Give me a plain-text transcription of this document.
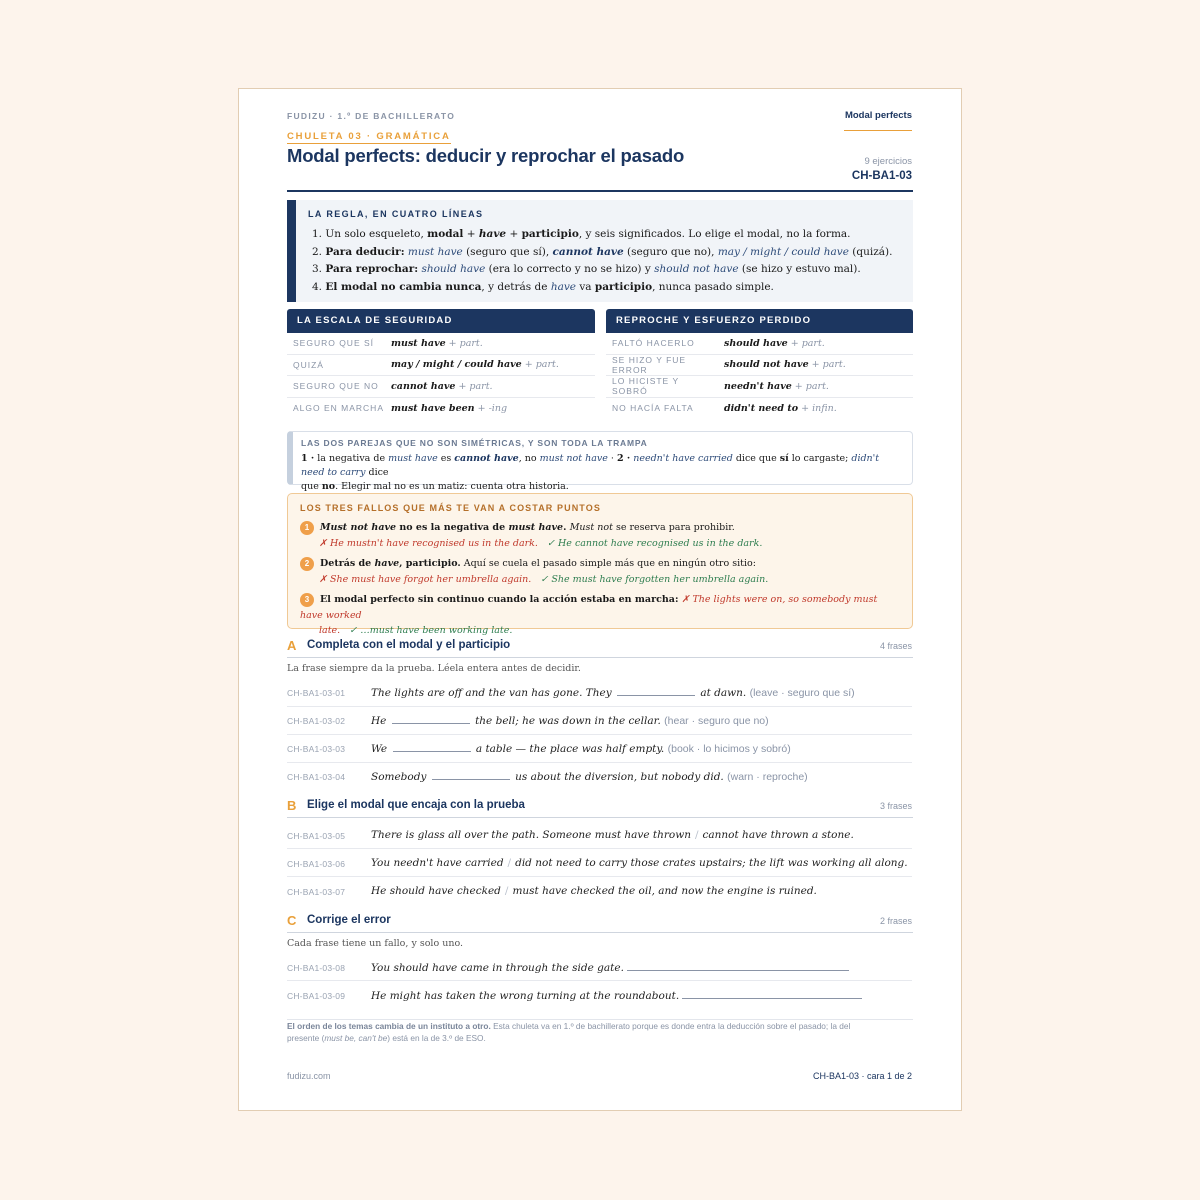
FUDIZU · 1.º DE BACHILLERATO	Modal perfects
CHULETA 03 · GRAMÁTICA
Modal perfects: deducir y reprochar el pasado	9 ejercicios
CH-BA1-03
LA REGLA, EN CUATRO LÍNEAS
1. Un solo esqueleto, modal + have + participio, y seis significados. Lo elige el modal, no la forma.
2. Para deducir: must have (seguro que sí), cannot have (seguro que no), may / might / could have (quizá).
3. Para reprochar: should have (era lo correcto y no se hizo) y should not have (se hizo y estuvo mal).
4. El modal no cambia nunca, y detrás de have va participio, nunca pasado simple.
LA ESCALA DE SEGURIDAD
SEGURO QUE SÍ	must have + part.
QUIZÁ	may / might / could have + part.
SEGURO QUE NO	cannot have + part.
ALGO EN MARCHA must have been + -ing
REPROCHE Y ESFUERZO PERDIDO
FALTÓ HACERLO	should have + part.
SE HIZO Y FUE ERROR	should not have + part.
LO HICISTE Y SOBRÓ	needn't have + part.
NO HACÍA FALTA	didn't need to + infin.
LAS DOS PAREJAS QUE NO SON SIMÉTRICAS, Y SON TODA LA TRAMPA
1 · la negativa de must have es cannot have, no must not have · 2 · needn't have carried dice que sí lo cargaste; didn't need to carry dice
que no. Elegir mal no es un matiz: cuenta otra historia.
LOS TRES FALLOS QUE MÁS TE VAN A COSTAR PUNTOS
1 Must not have no es la negativa de must have. Must not se reserva para prohibir.
✗ He mustn't have recognised us in the dark. ✓ He cannot have recognised us in the dark.
2 Detrás de have, participio. Aquí se cuela el pasado simple más que en ningún otro sitio:
✗ She must have forgot her umbrella again. ✓ She must have forgotten her umbrella again.
3 El modal perfecto sin continuo cuando la acción estaba en marcha: ✗ The lights were on, so somebody must have worked
late. ✓ …must have been working late.
A Completa con el modal y el participio	4 frases
La frase siempre da la prueba. Léela entera antes de decidir.
CH-BA1-03-01 The lights are off and the van has gone. They	at dawn. (leave · seguro que sí)
CH-BA1-03-02 He	the bell; he was down in the cellar. (hear · seguro que no)
CH-BA1-03-03 We	a table — the place was half empty. (book · lo hicimos y sobró)
CH-BA1-03-04 Somebody	us about the diversion, but nobody did. (warn · reproche)
B Elige el modal que encaja con la prueba	3 frases
CH-BA1-03-05 There is glass all over the path. Someone must have thrown / cannot have thrown a stone.
CH-BA1-03-06 You needn't have carried / did not need to carry those crates upstairs; the lift was working all along.
CH-BA1-03-07 He should have checked / must have checked the oil, and now the engine is ruined.
C Corrige el error	2 frases
Cada frase tiene un fallo, y solo uno.
CH-BA1-03-08 You should have came in through the side gate.
CH-BA1-03-09 He might has taken the wrong turning at the roundabout.
El orden de los temas cambia de un instituto a otro. Esta chuleta va en 1.º de bachillerato porque es donde entra la deducción sobre el pasado; la del
presente (must be, can't be) está en la de 3.º de ESO.
fudizu.com	CH-BA1-03 · cara 1 de 2
